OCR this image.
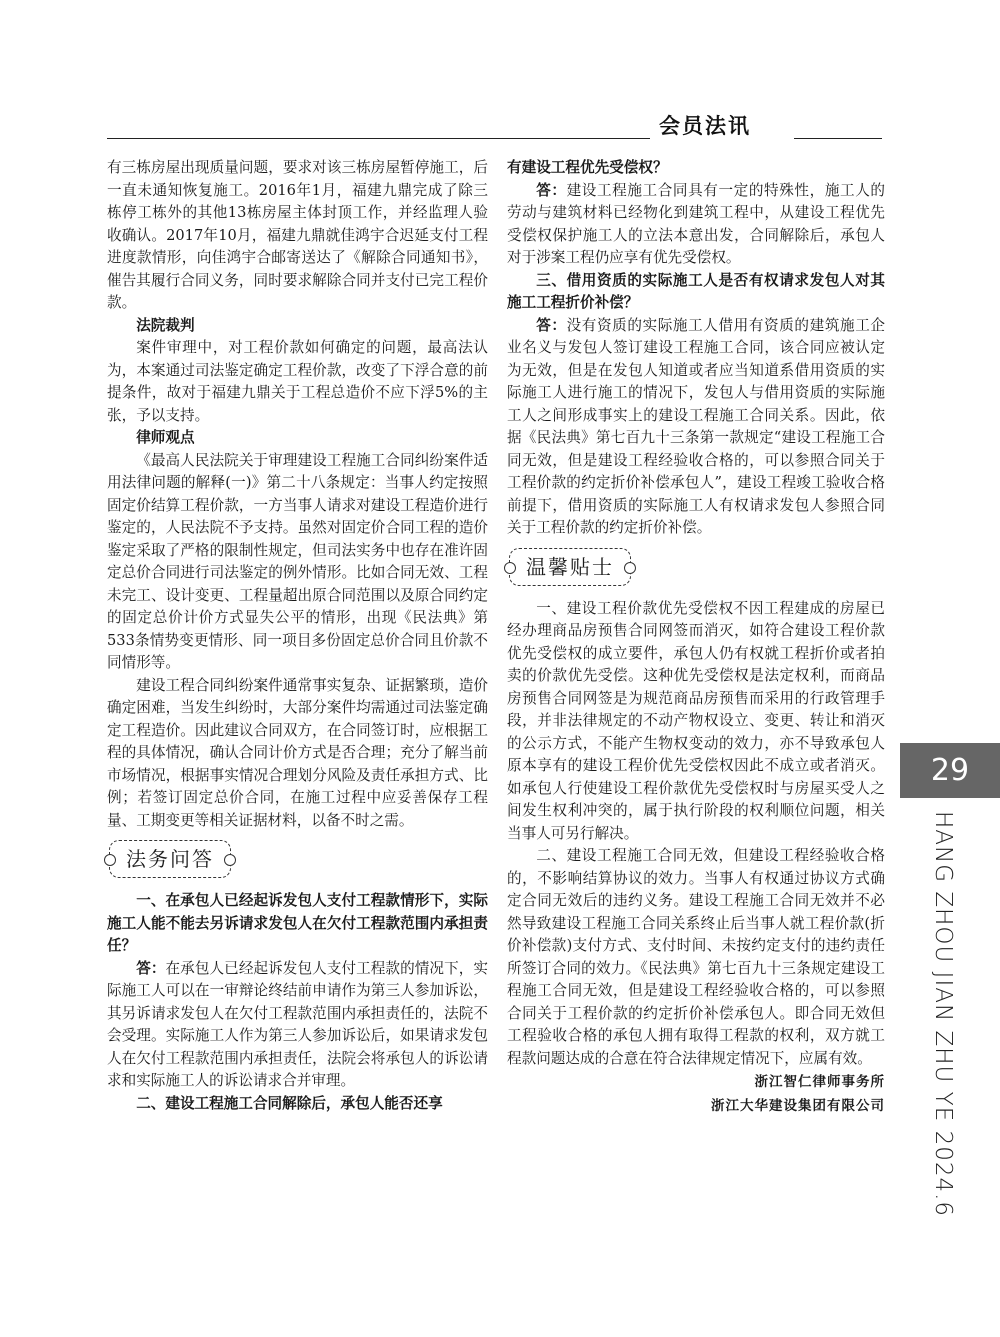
会员法讯

有三栋房屋出现质量问题，要求对该三栋房屋暂停施工，后一直未通知恢复施工。2016年1月，福建九鼎完成了除三栋停工栋外的其他13栋房屋主体封顶工作，并经监理人验收确认。2017年10月，福建九鼎就佳鸿宇合迟延支付工程进度款情形，向佳鸿宇合邮寄送达了《解除合同通知书》，催告其履行合同义务，同时要求解除合同并支付已完工程价款。

法院裁判

案件审理中，对工程价款如何确定的问题，最高法认为，本案通过司法鉴定确定工程价款，改变了下浮合意的前提条件，故对于福建九鼎关于工程总造价不应下浮5%的主张，予以支持。

律师观点

《最高人民法院关于审理建设工程施工合同纠纷案件适用法律问题的解释(一)》第二十八条规定：当事人约定按照固定价结算工程价款，一方当事人请求对建设工程造价进行鉴定的，人民法院不予支持。虽然对固定价合同工程的造价鉴定采取了严格的限制性规定，但司法实务中也存在准许固定总价合同进行司法鉴定的例外情形。比如合同无效、工程未完工、设计变更、工程量超出原合同范围以及原合同约定的固定总价计价方式显失公平的情形，出现《民法典》第533条情势变更情形、同一项目多份固定总价合同且价款不同情形等。

建设工程合同纠纷案件通常事实复杂、证据繁琐，造价确定困难，当发生纠纷时，大部分案件均需通过司法鉴定确定工程造价。因此建议合同双方，在合同签订时，应根据工程的具体情况，确认合同计价方式是否合理；充分了解当前市场情况，根据事实情况合理划分风险及责任承担方式、比例；若签订固定总价合同，在施工过程中应妥善保存工程量、工期变更等相关证据材料，以备不时之需。

法务问答

一、在承包人已经起诉发包人支付工程款情形下，实际施工人能不能去另诉请求发包人在欠付工程款范围内承担责任？

答：在承包人已经起诉发包人支付工程款的情况下，实际施工人可以在一审辩论终结前申请作为第三人参加诉讼，其另诉请求发包人在欠付工程款范围内承担责任的，法院不会受理。实际施工人作为第三人参加诉讼后，如果请求发包人在欠付工程款范围内承担责任，法院会将承包人的诉讼请求和实际施工人的诉讼请求合并审理。

二、建设工程施工合同解除后，承包人能否还享

有建设工程优先受偿权？

答：建设工程施工合同具有一定的特殊性，施工人的劳动与建筑材料已经物化到建筑工程中，从建设工程优先受偿权保护施工人的立法本意出发，合同解除后，承包人对于涉案工程仍应享有优先受偿权。

三、借用资质的实际施工人是否有权请求发包人对其施工工程折价补偿？

答：没有资质的实际施工人借用有资质的建筑施工企业名义与发包人签订建设工程施工合同，该合同应被认定为无效，但是在发包人知道或者应当知道系借用资质的实际施工人进行施工的情况下，发包人与借用资质的实际施工人之间形成事实上的建设工程施工合同关系。因此，依据《民法典》第七百九十三条第一款规定“建设工程施工合同无效，但是建设工程经验收合格的，可以参照合同关于工程价款的约定折价补偿承包人”，建设工程竣工验收合格前提下，借用资质的实际施工人有权请求发包人参照合同关于工程价款的约定折价补偿。

温馨贴士

一、建设工程价款优先受偿权不因工程建成的房屋已经办理商品房预售合同网签而消灭，如符合建设工程价款优先受偿权的成立要件，承包人仍有权就工程折价或者拍卖的价款优先受偿。这种优先受偿权是法定权利，而商品房预售合同网签是为规范商品房预售而采用的行政管理手段，并非法律规定的不动产物权设立、变更、转让和消灭的公示方式，不能产生物权变动的效力，亦不导致承包人原本享有的建设工程价优先受偿权因此不成立或者消灭。如承包人行使建设工程价款优先受偿权时与房屋买受人之间发生权利冲突的，属于执行阶段的权利顺位问题，相关当事人可另行解决。

二、建设工程施工合同无效，但建设工程经验收合格的，不影响结算协议的效力。当事人有权通过协议方式确定合同无效后的违约义务。建设工程施工合同无效并不必然导致建设工程施工合同关系终止后当事人就工程价款(折价补偿款)支付方式、支付时间、未按约定支付的违约责任所签订合同的效力。《民法典》第七百九十三条规定建设工程施工合同无效，但是建设工程经验收合格的，可以参照合同关于工程价款的约定折价补偿承包人。即合同无效但工程验收合格的承包人拥有取得工程款的权利，双方就工程款问题达成的合意在符合法律规定情况下，应属有效。

浙江智仁律师事务所

浙江大华建设集团有限公司

29
HANG ZHOU JIAN ZHU YE 2024.6
